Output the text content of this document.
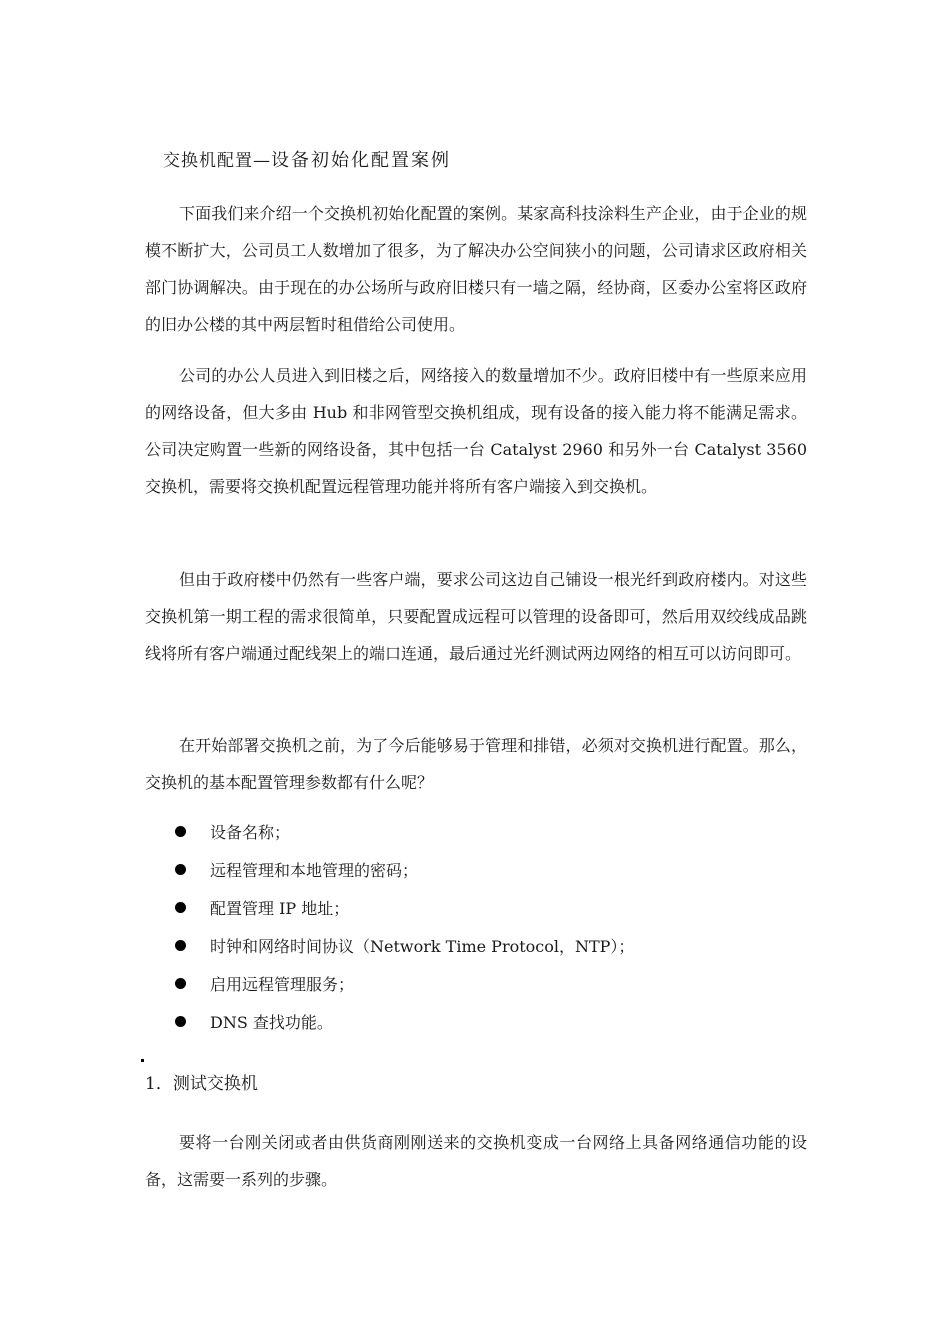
交换机配置—设备初始化配置案例

下面我们来介绍一个交换机初始化配置的案例。某家高科技涂料生产企业，由于企业的规模不断扩大，公司员工人数增加了很多，为了解决办公空间狭小的问题，公司请求区政府相关部门协调解决。由于现在的办公场所与政府旧楼只有一墙之隔，经协商，区委办公室将区政府的旧办公楼的其中两层暂时租借给公司使用。

公司的办公人员进入到旧楼之后，网络接入的数量增加不少。政府旧楼中有一些原来应用的网络设备，但大多由 Hub 和非网管型交换机组成，现有设备的接入能力将不能满足需求。公司决定购置一些新的网络设备，其中包括一台 Catalyst 2960 和另外一台 Catalyst 3560 交换机，需要将交换机配置远程管理功能并将所有客户端接入到交换机。

但由于政府楼中仍然有一些客户端，要求公司这边自己铺设一根光纤到政府楼内。对这些交换机第一期工程的需求很简单，只要配置成远程可以管理的设备即可，然后用双绞线成品跳线将所有客户端通过配线架上的端口连通，最后通过光纤测试两边网络的相互可以访问即可。

在开始部署交换机之前，为了今后能够易于管理和排错，必须对交换机进行配置。那么，交换机的基本配置管理参数都有什么呢？

设备名称；
远程管理和本地管理的密码；
配置管理 IP 地址；
时钟和网络时间协议（Network Time Protocol，NTP）；
启用远程管理服务；
DNS 查找功能。
1．测试交换机

要将一台刚关闭或者由供货商刚刚送来的交换机变成一台网络上具备网络通信功能的设备，这需要一系列的步骤。
